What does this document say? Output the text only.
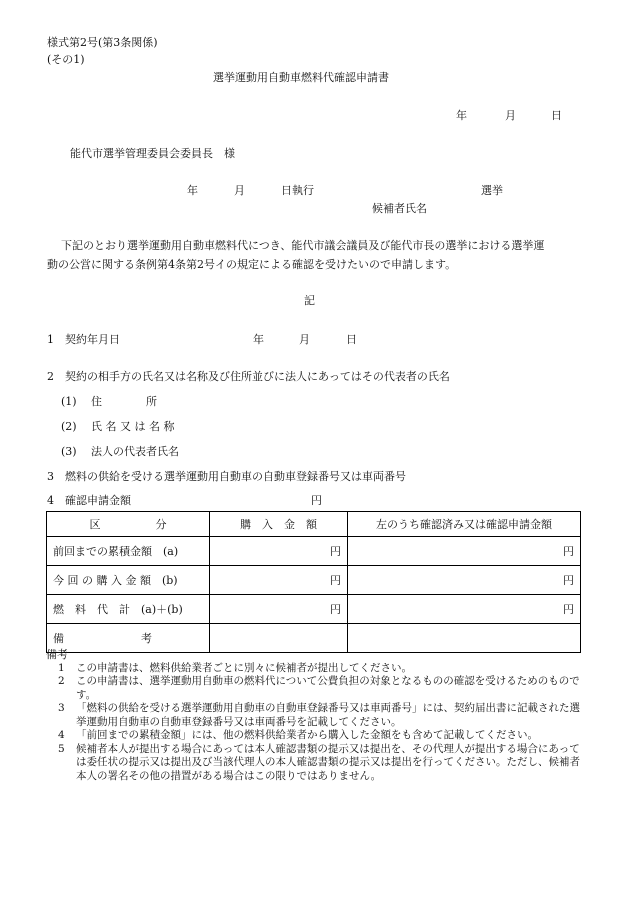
様式第2号(第3条関係)
(その1)
選挙運動用自動車燃料代確認申請書
年	月	日
能代市選挙管理委員会委員長　様
年	月	日執行	選挙
候補者氏名
下記のとおり選挙運動用自動車燃料代につき、能代市議会議員及び能代市長の選挙における選挙運
動の公営に関する条例第4条第2号イの規定による確認を受けたいので申請します。
記
1　契約年月日	年	月	日
2　契約の相手方の氏名又は名称及び住所並びに法人にあってはその代表者の氏名
(1) 住　　　　所
(2) 氏 名 又 は 名 称
(3) 法人の代表者氏名
3　燃料の供給を受ける選挙運動用自動車の自動車登録番号又は車両番号
4　確認申請金額	円
区　　　　　分	購　入　金　額	左のうち確認済み又は確認申請金額
前回までの累積金額　(a)	円	円
今 回 の 購 入 金 額　(b)	円	円
燃　料　代　計　(a)＋(b)	円	円
備　　　　　　　考		
備考
1 この申請書は、燃料供給業者ごとに別々に候補者が提出してください。
2 この申請書は、選挙運動用自動車の燃料代について公費負担の対象となるものの確認を受けるためのものです。
3 「燃料の供給を受ける選挙運動用自動車の自動車登録番号又は車両番号」には、契約届出書に記載された選挙運動用自動車の自動車登録番号又は車両番号を記載してください。
4 「前回までの累積金額」には、他の燃料供給業者から購入した金額をも含めて記載してください。
5 候補者本人が提出する場合にあっては本人確認書類の提示又は提出を、その代理人が提出する場合にあっては委任状の提示又は提出及び当該代理人の本人確認書類の提示又は提出を行ってください。ただし、候補者本人の署名その他の措置がある場合はこの限りではありません。
